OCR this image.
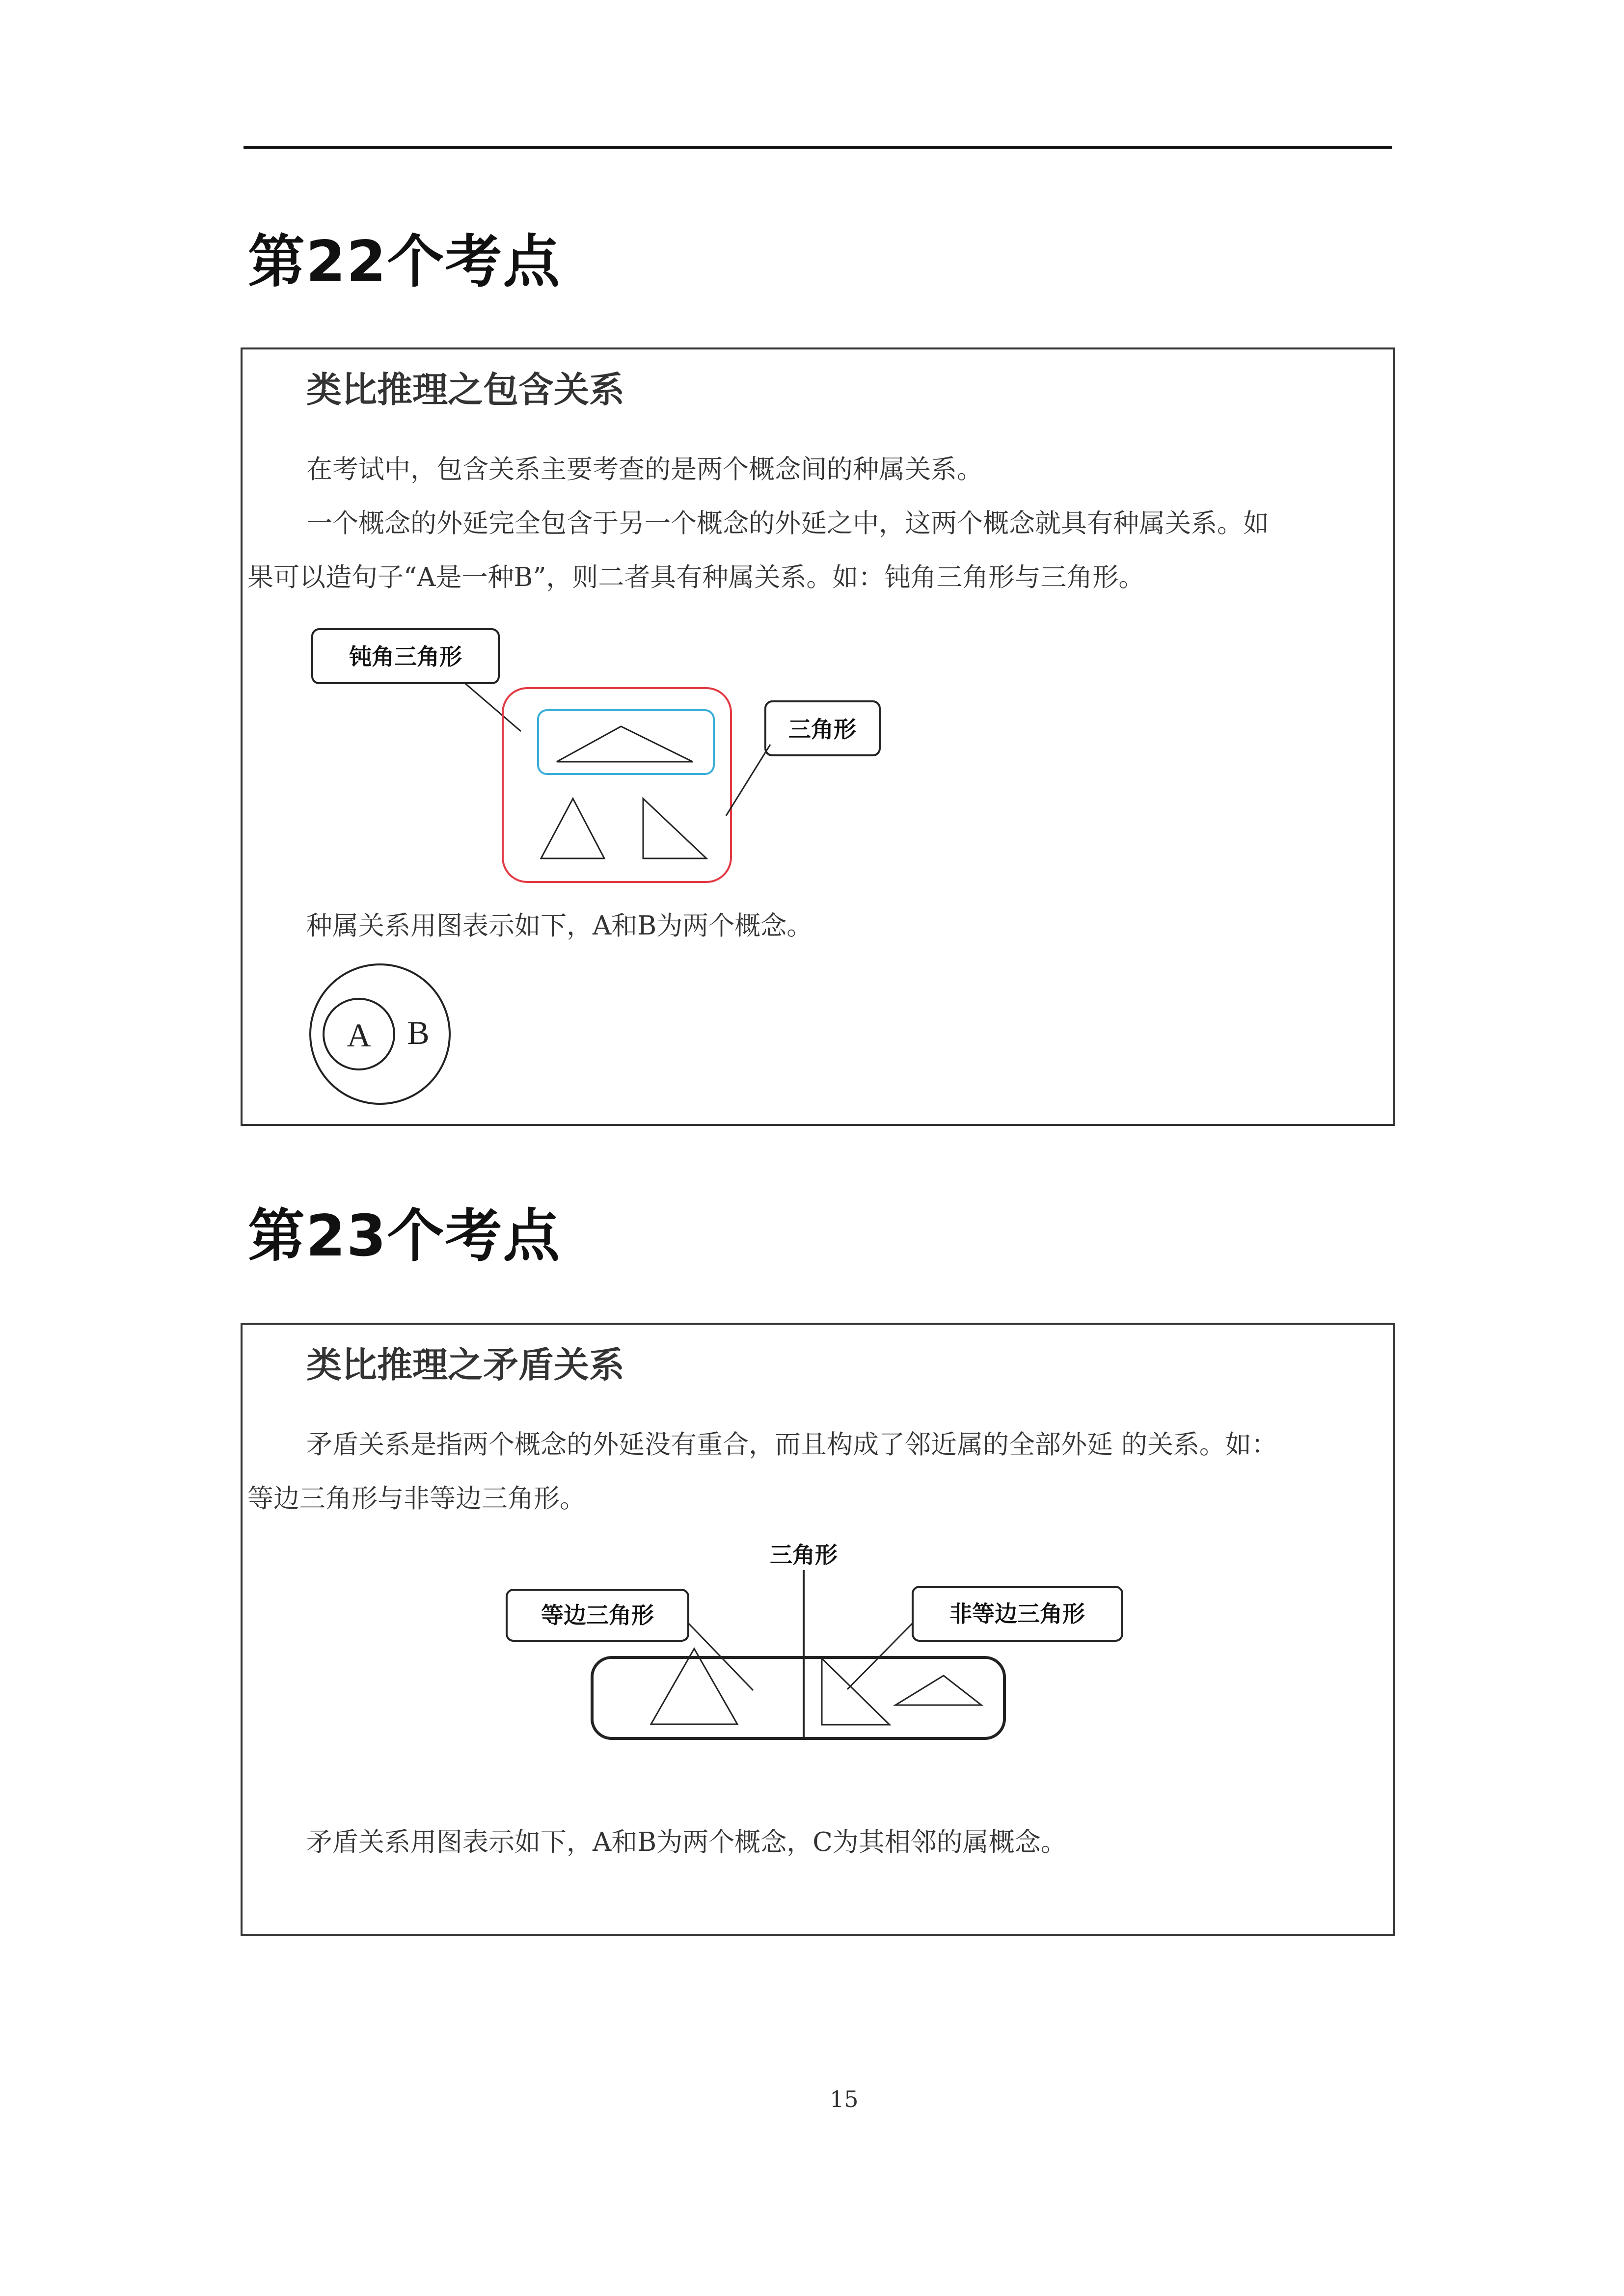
第22个考点
类比推理之包含关系
在考试中，包含关系主要考查的是两个概念间的种属关系。
一个概念的外延完全包含于另一个概念的外延之中，这两个概念就具有种属关系。如
果可以造句子“A是一种B”，则二者具有种属关系。如：钝角三角形与三角形。
钝角三角形
三角形
种属关系用图表示如下，A和B为两个概念。
A B
第23个考点
类比推理之矛盾关系
矛盾关系是指两个概念的外延没有重合，而且构成了邻近属的全部外延 的关系。如：
等边三角形与非等边三角形。
三角形
等边三角形	非等边三角形
矛盾关系用图表示如下，A和B为两个概念，C为其相邻的属概念。
15
